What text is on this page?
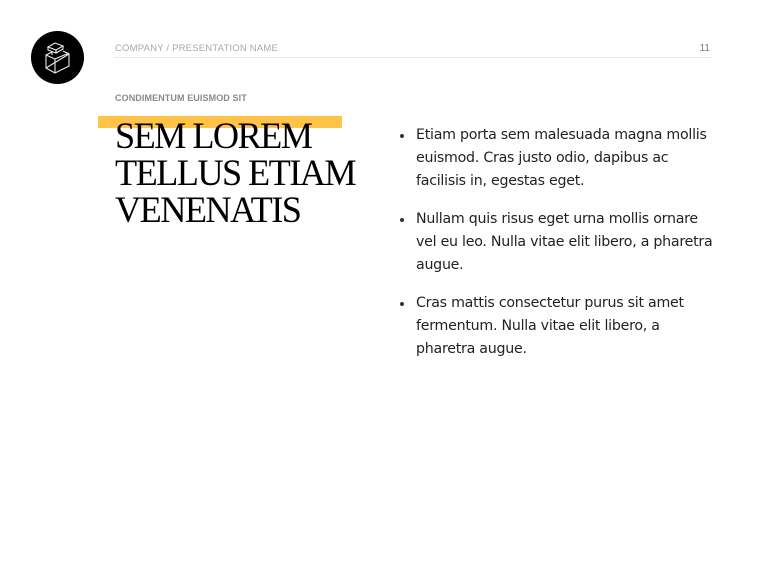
COMPANY / PRESENTATION NAME	11
CONDIMENTUM EUISMOD SIT
SEM LOREM
TELLUS ETIAM
VENENATIS
Etiam porta sem malesuada magna mollis euismod. Cras justo odio, dapibus ac facilisis in, egestas eget.
Nullam quis risus eget urna mollis ornare vel eu leo. Nulla vitae elit libero, a pharetra augue.
Cras mattis consectetur purus sit amet fermentum. Nulla vitae elit libero, a pharetra augue.
